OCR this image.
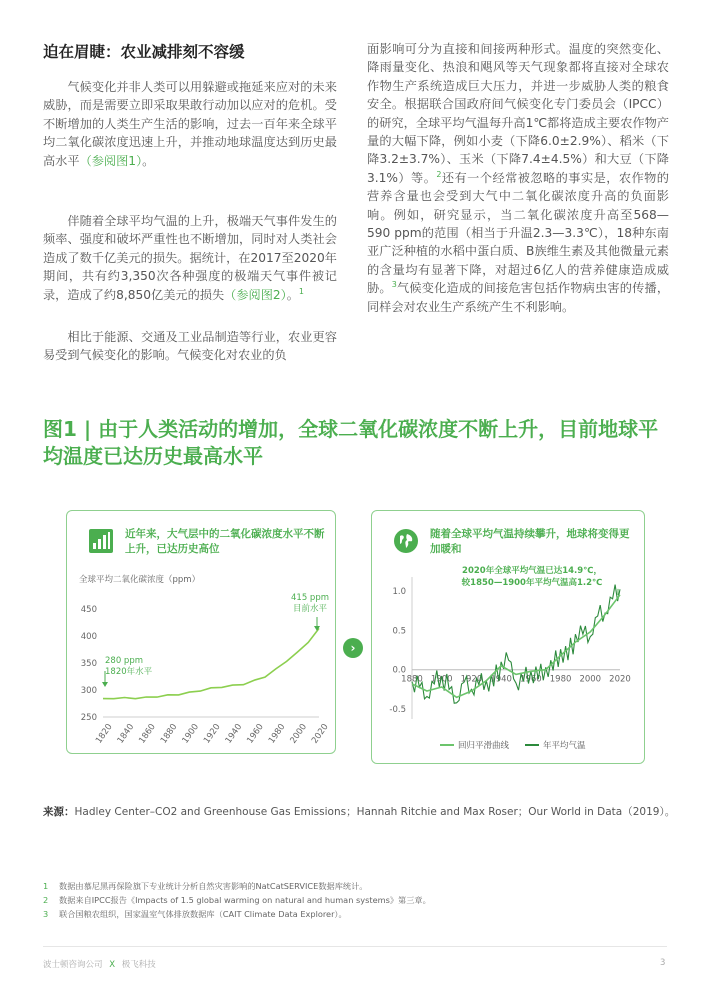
迫在眉睫：农业减排刻不容缓

气候变化并非人类可以用躲避或拖延来应对的未来威胁，而是需要立即采取果敢行动加以应对的危机。受不断增加的人类生产生活的影响，过去一百年来全球平均二氧化碳浓度迅速上升，并推动地球温度达到历史最高水平（参阅图1）。

伴随着全球平均气温的上升，极端天气事件发生的频率、强度和破坏严重性也不断增加，同时对人类社会造成了数千亿美元的损失。据统计，在2017至2020年期间，共有约3,350次各种强度的极端天气事件被记录，造成了约8,850亿美元的损失（参阅图2）。$^1$

相比于能源、交通及工业品制造等行业，农业更容易受到气候变化的影响。气候变化对农业的负

面影响可分为直接和间接两种形式。温度的突然变化、降雨量变化、热浪和飓风等天气现象都将直接对全球农作物生产系统造成巨大压力，并进一步威胁人类的粮食安全。根据联合国政府间气候变化专门委员会（IPCC）的研究，全球平均气温每升高1℃都将造成主要农作物产量的大幅下降，例如小麦（下降6.0±2.9%）、稻米（下降3.2±3.7%）、玉米（下降7.4±4.5%）和大豆（下降3.1%）等。$^2$还有一个经常被忽略的事实是，农作物的营养含量也会受到大气中二氧化碳浓度升高的负面影响。例如，研究显示，当二氧化碳浓度升高至568—590 ppm的范围（相当于升温2.3—3.3℃），18种东南亚广泛种植的水稻中蛋白质、B族维生素及其他微量元素的含量均有显著下降，对超过6亿人的营养健康造成威胁。$^3$气候变化造成的间接危害包括作物病虫害的传播，同样会对农业生产系统产生不利影响。

图1 | 由于人类活动的增加，全球二氧化碳浓度不断上升，目前地球平均温度已达历史最高水平
近年来，大气层中的二氧化碳浓度水平不断上升，已达历史高位
全球平均二氧化碳浓度（ppm）
250
300
350
400
450
1820 1840 1860 1880 1900 1920 1940 1960 1980 2000 2020
280 ppm
1820年水平
415 ppm
目前水平
›
随着全球平均气温持续攀升，地球将变得更加暖和
2020年全球平均气温已达14.9℃，
较1850—1900年平均气温高1.2℃
-0.5
0.0
0.5
1.0
1880 1900 1920 1940 1960 1980 2000 2020
回归平滑曲线	年平均气温
来源：Hadley Center–CO2 and Greenhouse Gas Emissions；Hannah Ritchie and Max Roser；Our World in Data（2019）。
1 数据由慕尼黑再保险旗下专业统计分析自然灾害影响的NatCatSERVICE数据库统计。
2 数据来自IPCC报告《Impacts of 1.5 global warming on natural and human systems》第三章。
3 联合国粮农组织，国家温室气体排放数据库（CAIT Climate Data Explorer）。
波士顿咨询公司 X 极飞科技	3
